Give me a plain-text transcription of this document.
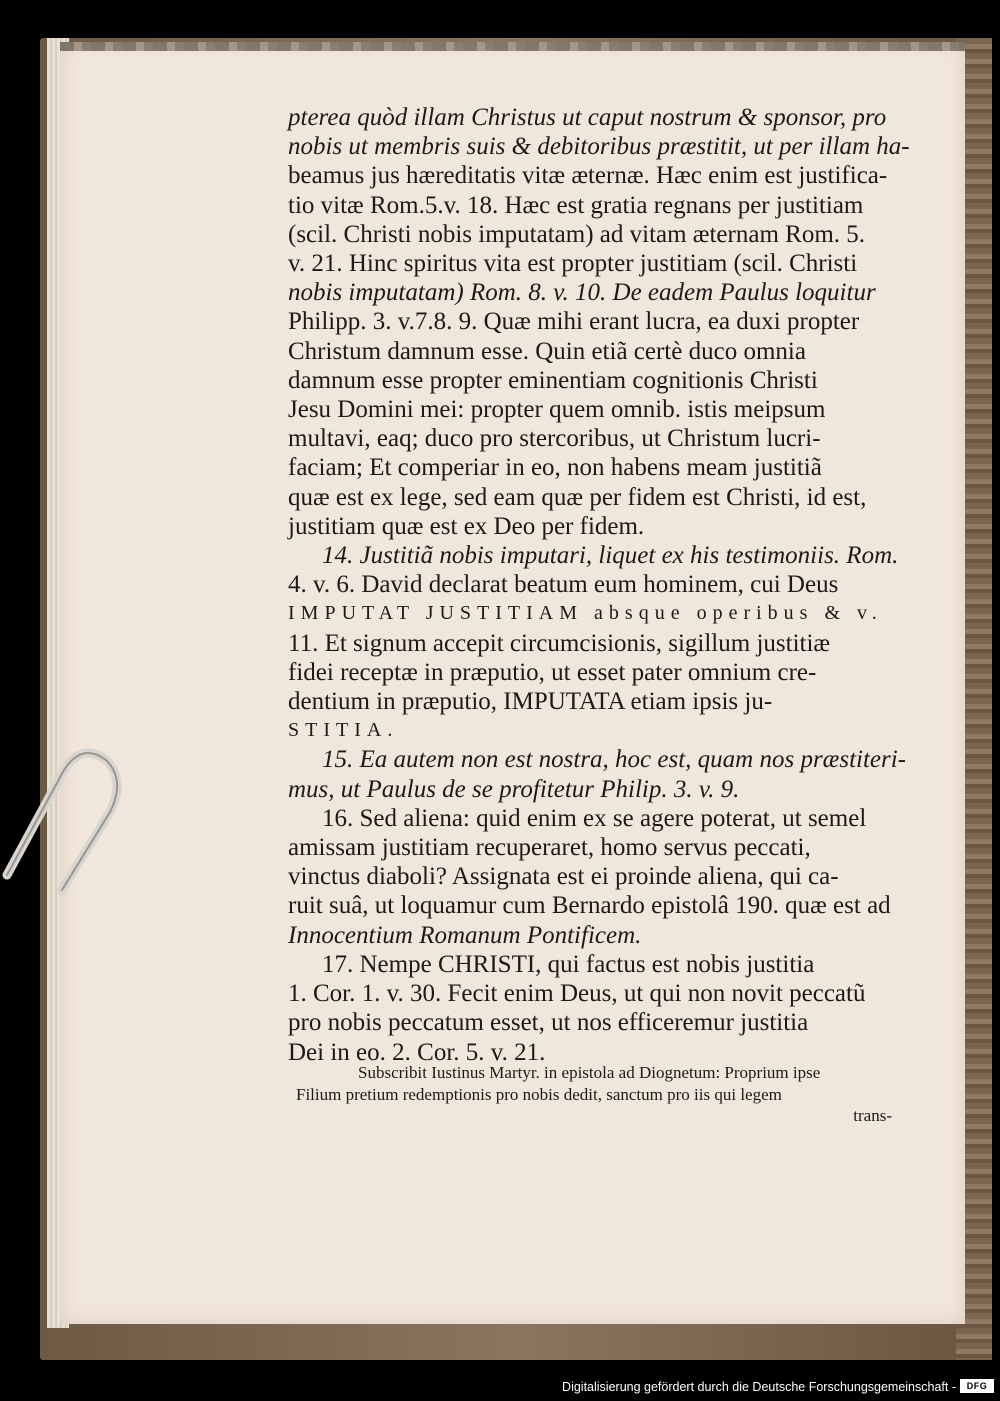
pterea quòd illam Christus ut caput nostrum & sponsor, pro

nobis ut membris suis & debitoribus præstitit, ut per illam ha-

beamus jus hæreditatis vitæ æternæ. Hæc enim est justifica-

tio vitæ Rom.5.v. 18. Hæc est gratia regnans per justitiam

(scil. Christi nobis imputatam) ad vitam æternam Rom. 5.

v. 21. Hinc spiritus vita est propter justitiam (scil. Christi

nobis imputatam) Rom. 8. v. 10. De eadem Paulus loquitur

Philipp. 3. v.7.8. 9. Quæ mihi erant lucra, ea duxi propter

Christum damnum esse. Quin etiã certè duco omnia

damnum esse propter eminentiam cognitionis Christi

Jesu Domini mei: propter quem omnib. istis meipsum

multavi, eaq; duco pro stercoribus, ut Christum lucri-

faciam; Et comperiar in eo, non habens meam justitiã

quæ est ex lege, sed eam quæ per fidem est Christi, id est,

justitiam quæ est ex Deo per fidem.

14. Justitiã nobis imputari, liquet ex his testimoniis. Rom.

4. v. 6. David declarat beatum eum hominem, cui Deus

IMPUTAT JUSTITIAM absque operibus & v.

11. Et signum accepit circumcisionis, sigillum justitiæ

fidei receptæ in præputio, ut esset pater omnium cre-

dentium in præputio, IMPUTATA etiam ipsis ju-

STITIA.

15. Ea autem non est nostra, hoc est, quam nos præstiteri-

mus, ut Paulus de se profitetur Philip. 3. v. 9.

16. Sed aliena: quid enim ex se agere poterat, ut semel

amissam justitiam recuperaret, homo servus peccati,

vinctus diaboli? Assignata est ei proinde aliena, qui ca-

ruit suâ, ut loquamur cum Bernardo epistolâ 190. quæ est ad

Innocentium Romanum Pontificem.

17. Nempe CHRISTI, qui factus est nobis justitia

1. Cor. 1. v. 30. Fecit enim Deus, ut qui non novit peccatũ

pro nobis peccatum esset, ut nos efficeremur justitia

Dei in eo. 2. Cor. 5. v. 21.

Subscribit Iustinus Martyr. in epistola ad Diognetum: Proprium ipse

Filium pretium redemptionis pro nobis dedit, sanctum pro iis qui legem

trans-

Digitalisierung gefördert durch die Deutsche Forschungsgemeinschaft -	DFG
